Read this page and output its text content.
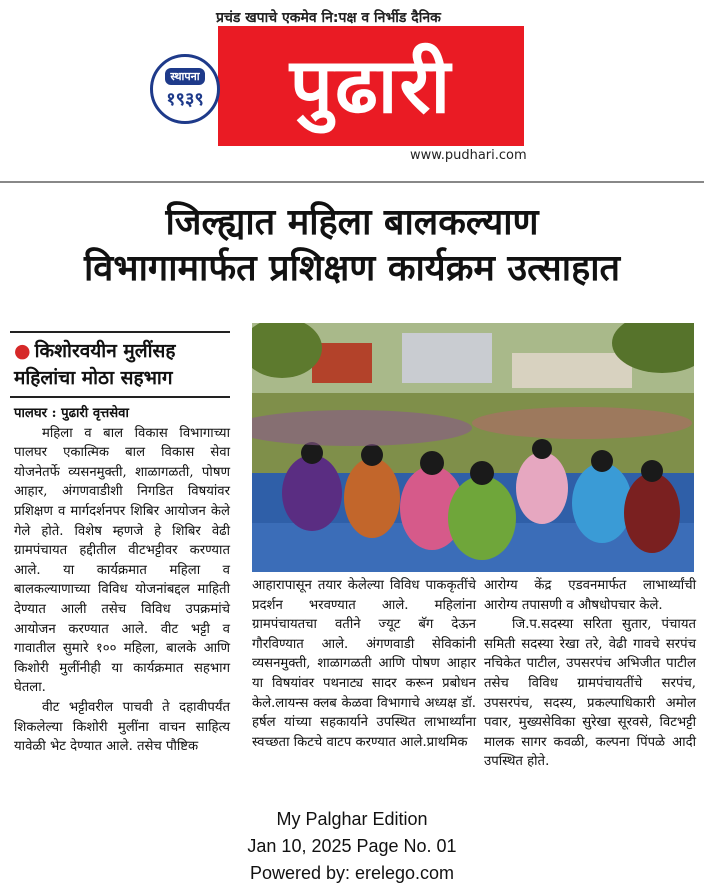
प्रचंड खपाचे एकमेव नि:पक्ष व निर्भीड दैनिक
पुढारी
स्थापना
१९३९
www.pudhari.com
जिल्ह्यात महिला बालकल्याण
विभागामार्फत प्रशिक्षण कार्यक्रम उत्साहात
● किशोरवयीन मुलींसह महिलांचा मोठा सहभाग

पालघर : पुढारी वृत्तसेवा

महिला व बाल विकास विभागाच्या पालघर एकात्मिक बाल विकास सेवा योजनेतर्फे व्यसनमुक्ती, शाळागळती, पोषण आहार, अंगणवाडीशी निगडित विषयांवर प्रशिक्षण व मार्गदर्शनपर शिबिर आयोजन केले गेले होते. विशेष म्हणजे हे शिबिर वेढी ग्रामपंचायत हद्दीतील वीटभट्टीवर करण्यात आले. या कार्यक्रमात महिला व बालकल्याणाच्या विविध योजनांबद्दल माहिती देण्यात आली तसेच विविध उपक्रमांचे आयोजन करण्यात आले. वीट भट्टी व गावातील सुमारे १०० महिला, बालके आणि किशोरी मुलींनीही या कार्यक्रमात सहभाग घेतला.

वीट भट्टीवरील पाचवी ते दहावीपर्यंत शिकलेल्या किशोरी मुलींना वाचन साहित्य यावेळी भेट देण्यात आले. तसेच पौष्टिक

आहारापासून तयार केलेल्या विविध पाककृतींचे प्रदर्शन भरवण्यात आले. महिलांना ग्रामपंचायतचा वतीने ज्यूट बॅग देऊन गौरविण्यात आले. अंगणवाडी सेविकांनी व्यसनमुक्ती, शाळागळती आणि पोषण आहार या विषयांवर पथनाट्य सादर करून प्रबोधन केले.लायन्स क्लब केळवा विभागाचे अध्यक्ष डॉ. हर्षल यांच्या सहकार्याने उपस्थित लाभार्थ्यांना स्वच्छता किटचे वाटप करण्यात आले.प्राथमिक

आरोग्य केंद्र एडवनमार्फत लाभार्थ्यांची आरोग्य तपासणी व औषधोपचार केले.

जि.प.सदस्या सरिता सुतार, पंचायत समिती सदस्या रेखा तरे, वेढी गावचे सरपंच नचिकेत पाटील, उपसरपंच अभिजीत पाटील तसेच विविध ग्रामपंचायतींचे सरपंच, उपसरपंच, सदस्य, प्रकल्पाधिकारी अमोल पवार, मुख्यसेविका सुरेखा सूरवसे, विटभट्टी मालक सागर कवळी, कल्पना पिंपळे आदी उपस्थित होते.

My Palghar Edition
Jan 10, 2025 Page No. 01
Powered by: erelego.com
